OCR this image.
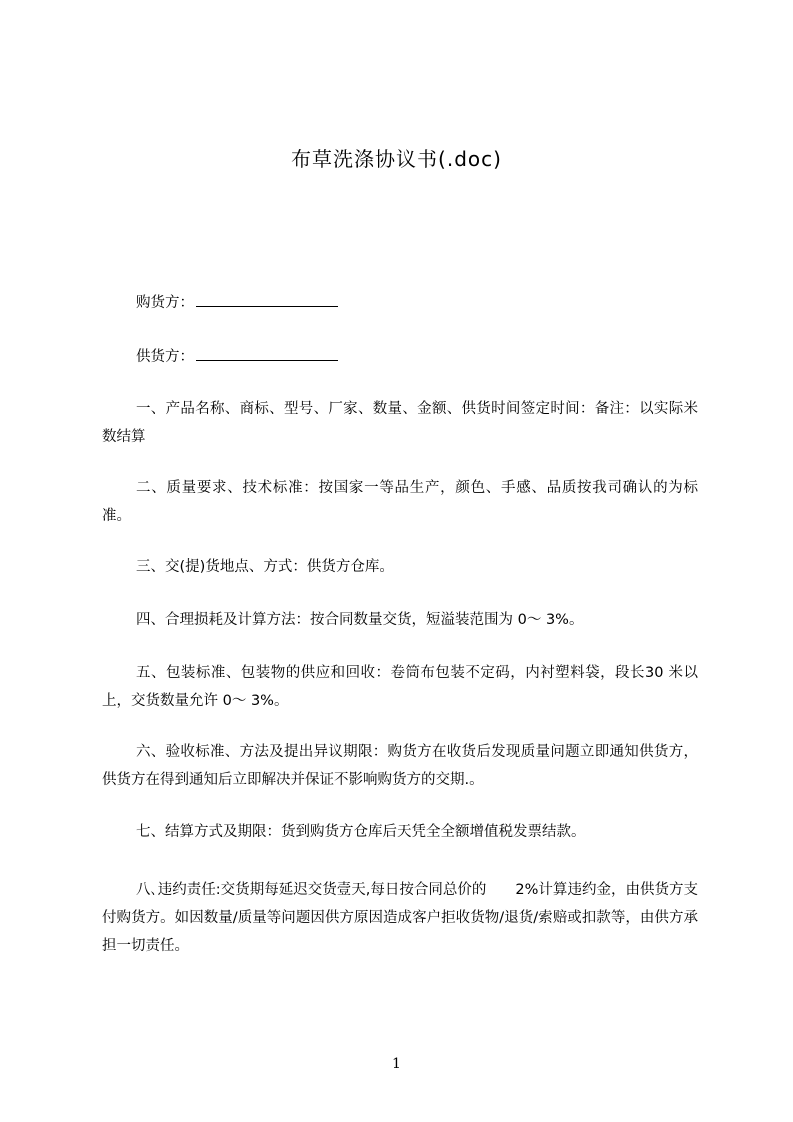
布草洗涤协议书(.doc)
购货方：
供货方：

一、产品名称、商标、型号、厂家、数量、金额、供货时间签定时间：备注：以实际米数结算

二、质量要求、技术标准：按国家一等品生产，颜色、手感、品质按我司确认的为标准。

三、交(提)货地点、方式：供货方仓库。

四、合理损耗及计算方法：按合同数量交货，短溢装范围为 0～ 3%。

五、包装标准、包装物的供应和回收：卷筒布包装不定码，内衬塑料袋，段长30 米以上，交货数量允许 0～ 3%。

六、验收标准、方法及提出异议期限：购货方在收货后发现质量问题立即通知供货方，供货方在得到通知后立即解决并保证不影响购货方的交期.。

七、结算方式及期限：货到购货方仓库后天凭全全额增值税发票结款。

八､违约责任:交货期每延迟交货壹天,每日按合同总价的　　2%计算违约金，由供货方支付购货方。如因数量/质量等问题因供方原因造成客户拒收货物/退货/索赔或扣款等，由供方承担一切责任。

1
